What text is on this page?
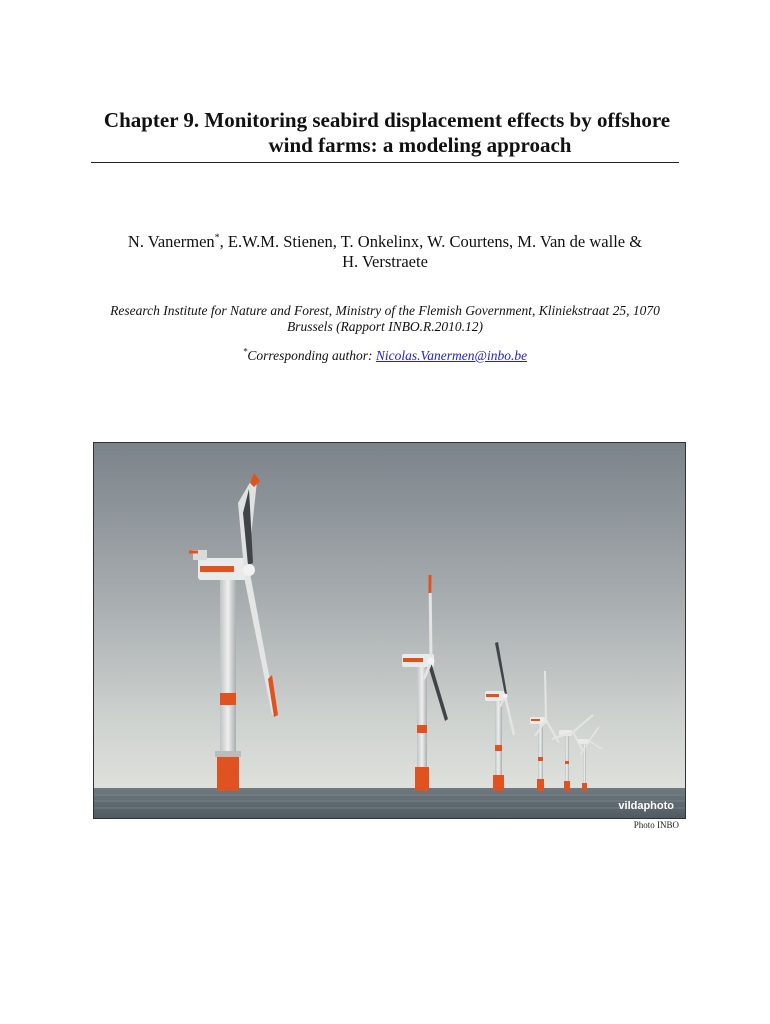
Chapter 9. Monitoring seabird displacement effects by offshore
wind farms: a modeling approach
N. Vanermen*, E.W.M. Stienen, T. Onkelinx, W. Courtens, M. Van de walle &
H. Verstraete
Research Institute for Nature and Forest, Ministry of the Flemish Government, Kliniekstraat 25, 1070
Brussels (Rapport INBO.R.2010.12)
*Corresponding author: Nicolas.Vanermen@inbo.be
vildaphoto
Photo INBO
